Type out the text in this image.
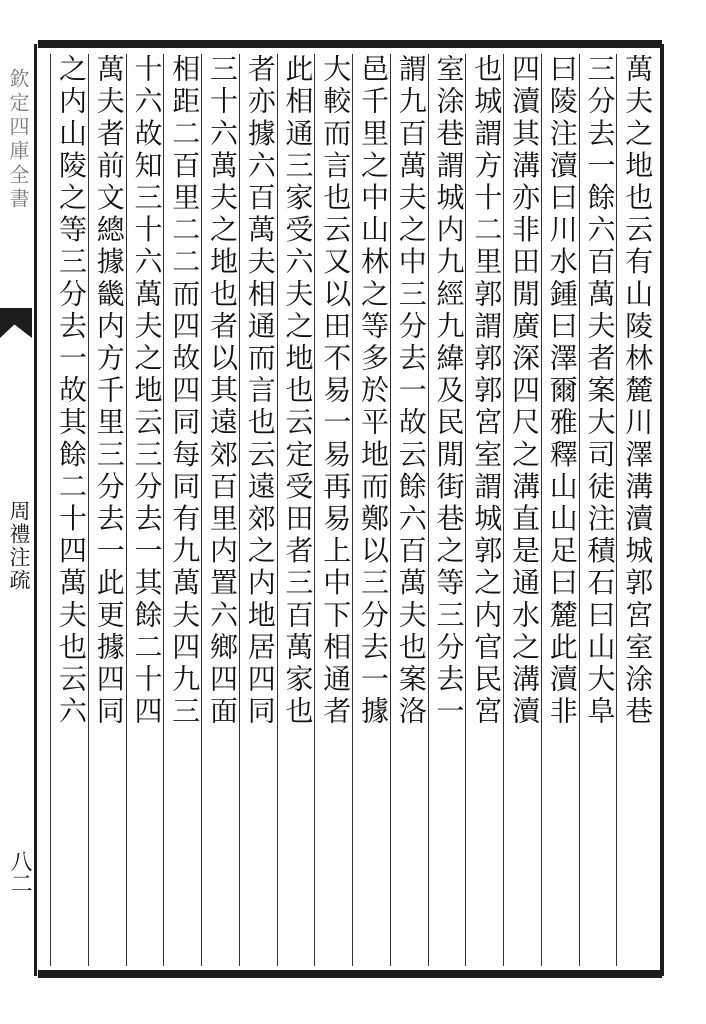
欽定四庫全書
周禮注疏
八二
萬夫之地也云有山陵林麓川澤溝瀆城郭宮室涂巷
三分去一餘六百萬夫者案大司徒注積石曰山大阜
曰陵注瀆曰川水鍾曰澤爾雅釋山山足曰麓此瀆非
四瀆其溝亦非田閒廣深四尺之溝直是通水之溝瀆
也城謂方十二里郭謂郭郭宮室謂城郭之内官民宮
室涂巷謂城内九經九緯及民閒街巷之等三分去一
謂九百萬夫之中三分去一故云餘六百萬夫也案洛
邑千里之中山林之等多於平地而鄭以三分去一據
大較而言也云又以田不易一易再易上中下相通者
此相通三家受六夫之地也云定受田者三百萬家也
者亦據六百萬夫相通而言也云遠郊之内地居四同
三十六萬夫之地也者以其遠郊百里内置六鄉四面
相距二百里二二而四故四同每同有九萬夫四九三
十六故知三十六萬夫之地云三分去一其餘二十四
萬夫者前文總據畿内方千里三分去一此更據四同
之内山陵之等三分去一故其餘二十四萬夫也云六
